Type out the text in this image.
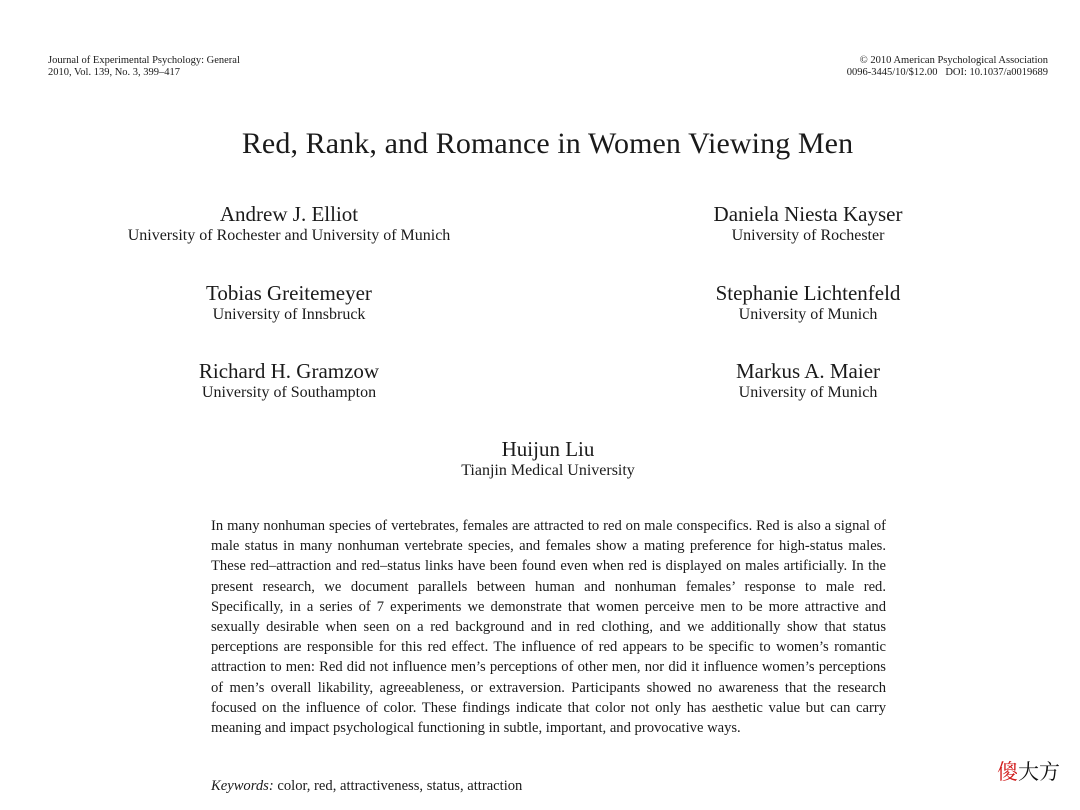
Journal of Experimental Psychology: General
2010, Vol. 139, No. 3, 399–417
© 2010 American Psychological Association
0096-3445/10/$12.00   DOI: 10.1037/a0019689
Red, Rank, and Romance in Women Viewing Men
Andrew J. Elliot
University of Rochester and University of Munich
Daniela Niesta Kayser
University of Rochester
Tobias Greitemeyer
University of Innsbruck
Stephanie Lichtenfeld
University of Munich
Richard H. Gramzow
University of Southampton
Markus A. Maier
University of Munich
Huijun Liu
Tianjin Medical University
In many nonhuman species of vertebrates, females are attracted to red on male conspecifics. Red is also a signal of male status in many nonhuman vertebrate species, and females show a mating preference for high-status males. These red–attraction and red–status links have been found even when red is displayed on males artificially. In the present research, we document parallels between human and nonhuman females’ response to male red. Specifically, in a series of 7 experiments we demonstrate that women perceive men to be more attractive and sexually desirable when seen on a red background and in red clothing, and we additionally show that status perceptions are responsible for this red effect. The influence of red appears to be specific to women’s romantic attraction to men: Red did not influence men’s perceptions of other men, nor did it influence women’s perceptions of men’s overall likability, agreeableness, or extraversion. Participants showed no awareness that the research focused on the influence of color. These findings indicate that color not only has aesthetic value but can carry meaning and impact psychological functioning in subtle, important, and provocative ways.
Keywords: color, red, attractiveness, status, attraction
傻大方
